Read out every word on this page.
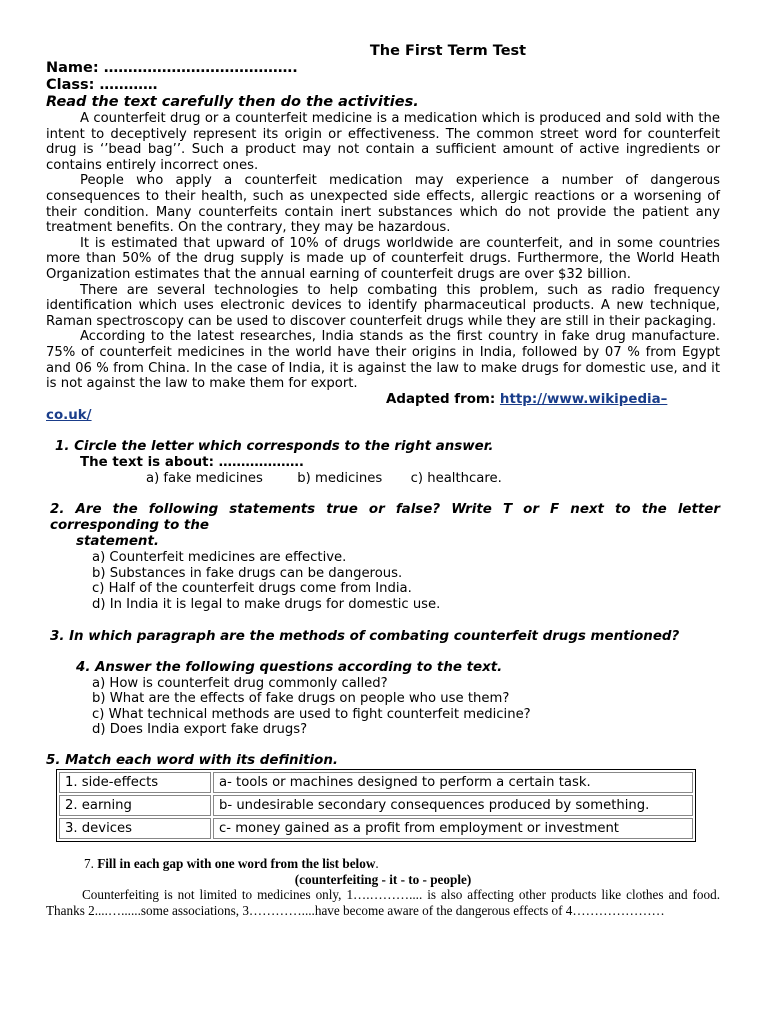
The First Term Test
Name: ………………………………….
Class: …………
Read the text carefully then do the activities.

A counterfeit drug or a counterfeit medicine is a medication which is produced and sold with the intent to deceptively represent its origin or effectiveness. The common street word for counterfeit drug is ‘’bead bag’’. Such a product may not contain a sufficient amount of active ingredients or contains entirely incorrect ones.

People who apply a counterfeit medication may experience a number of dangerous consequences to their health, such as unexpected side effects, allergic reactions or a worsening of their condition. Many counterfeits contain inert substances which do not provide the patient any treatment benefits. On the contrary, they may be hazardous.

It is estimated that upward of 10% of drugs worldwide are counterfeit, and in some countries more than 50% of the drug supply is made up of counterfeit drugs. Furthermore, the World Heath Organization estimates that the annual earning of counterfeit drugs are over $32 billion.

There are several technologies to help combating this problem, such as radio frequency identification which uses electronic devices to identify pharmaceutical products. A new technique, Raman spectroscopy can be used to discover counterfeit drugs while they are still in their packaging.

According to the latest researches, India stands as the first country in fake drug manufacture. 75% of counterfeit medicines in the world have their origins in India, followed by 07 % from Egypt and 06 % from China. In the case of India, it is against the law to make drugs for domestic use, and it is not against the law to make them for export.

Adapted from: http://www.wikipedia–
co.uk/
1. Circle the letter which corresponds to the right answer.
The text is about: ……………….
a) fake medicines	b) medicines c) healthcare.
2. Are the following statements true or false? Write T or F next to the letter corresponding to the
statement.
a) Counterfeit medicines are effective.
b) Substances in fake drugs can be dangerous.
c) Half of the counterfeit drugs come from India.
d) In India it is legal to make drugs for domestic use.
3. In which paragraph are the methods of combating counterfeit drugs mentioned?
4. Answer the following questions according to the text.
a) How is counterfeit drug commonly called?
b) What are the effects of fake drugs on people who use them?
c) What technical methods are used to fight counterfeit medicine?
d) Does India export fake drugs?
5. Match each word with its definition.
1. side-effects	a- tools or machines designed to perform a certain task.
2. earning	b- undesirable secondary consequences produced by something.
3. devices	c- money gained as a profit from employment or investment
7. Fill in each gap with one word from the list below.
(counterfeiting - it - to - people)
Counterfeiting is not limited to medicines only, 1….……….... is also affecting other products like clothes and food. Thanks 2....…......some associations, 3…………....have become aware of the dangerous effects of 4…………………
